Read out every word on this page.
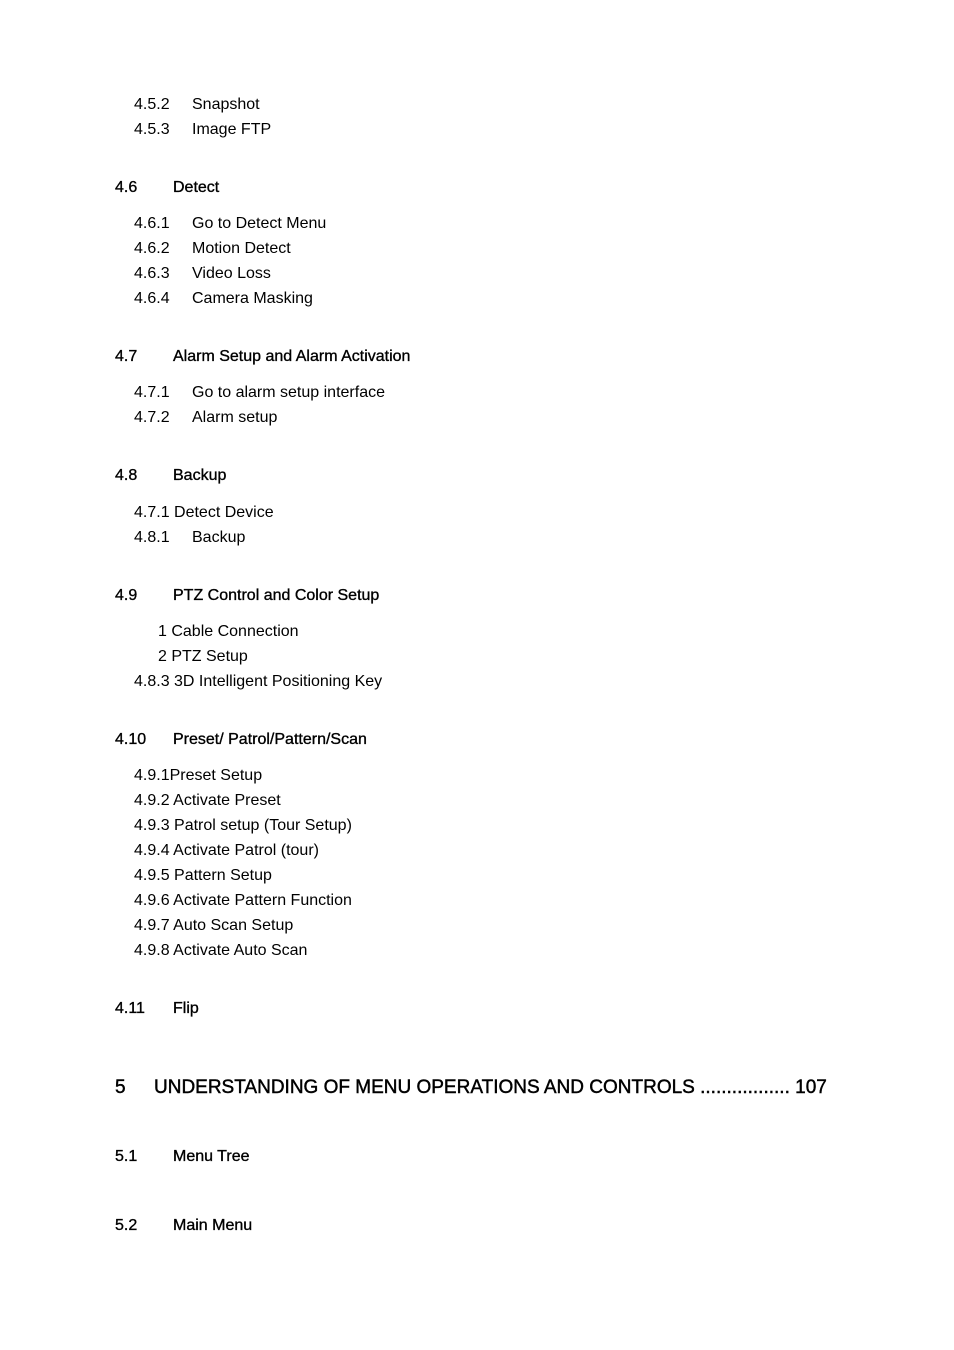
4.5.2 Snapshot
4.5.3 Image FTP
4.6 Detect
4.6.1 Go to Detect Menu
4.6.2 Motion Detect
4.6.3 Video Loss
4.6.4 Camera Masking
4.7 Alarm Setup and Alarm Activation
4.7.1 Go to alarm setup interface
4.7.2 Alarm setup
4.8 Backup
4.7.1 Detect Device
4.8.1 Backup
4.9 PTZ Control and Color Setup
1 Cable Connection
2 PTZ Setup
4.8.3 3D Intelligent Positioning Key
4.10 Preset/ Patrol/Pattern/Scan
4.9.1Preset Setup
4.9.2 Activate Preset
4.9.3 Patrol setup (Tour Setup)
4.9.4 Activate Patrol (tour)
4.9.5 Pattern Setup
4.9.6 Activate Pattern Function
4.9.7 Auto Scan Setup
4.9.8 Activate Auto Scan
4.11 Flip
5 UNDERSTANDING OF MENU OPERATIONS AND CONTROLS ................. 107
5.1 Menu Tree
5.2 Main Menu
